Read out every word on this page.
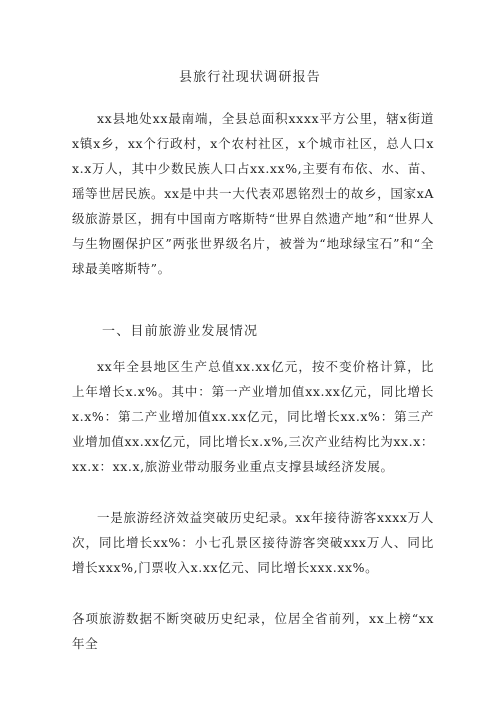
县旅行社现状调研报告
xx县地处xx最南端，全县总面积xxxx平方公里，辖x街道x镇x乡，xx个行政村，x个农村社区，x个城市社区，总人口xx.x万人，其中少数民族人口占xx.xx%,主要有布依、水、苗、瑶等世居民族。xx是中共一大代表邓恩铭烈士的故乡，国家xA级旅游景区，拥有中国南方喀斯特“世界自然遗产地”和“世界人与生物圈保护区”两张世界级名片，被誉为“地球绿宝石”和“全球最美喀斯特”。
一、目前旅游业发展情况
xx年全县地区生产总值xx.xx亿元，按不变价格计算，比上年增长x.x%。其中：第一产业增加值xx.xx亿元，同比增长x.x%：第二产业增加值xx.xx亿元，同比增长xx.x%：第三产业增加值xx.xx亿元，同比增长x.x%,三次产业结构比为xx.x：xx.x：xx.x,旅游业带动服务业重点支撑县域经济发展。
一是旅游经济效益突破历史纪录。xx年接待游客xxxx万人次，同比增长xx%：小七孔景区接待游客突破xxx万人、同比增长xxx%,门票收入x.xx亿元、同比增长xxx.xx%。
各项旅游数据不断突破历史纪录，位居全省前列，xx上榜“xx年全
